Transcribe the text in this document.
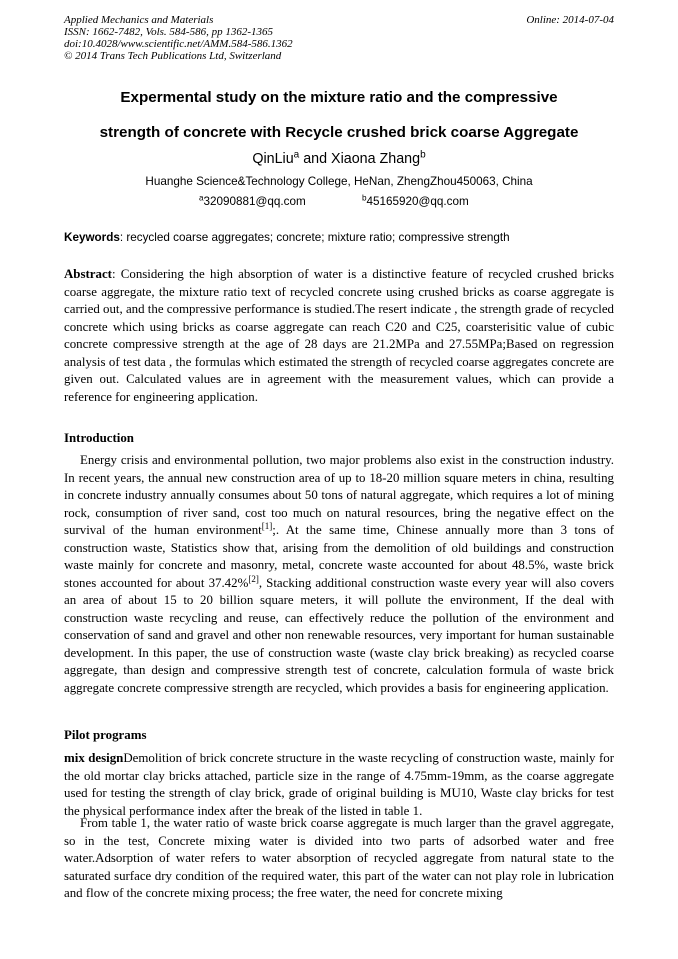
Applied Mechanics and Materials
ISSN: 1662-7482, Vols. 584-586, pp 1362-1365
doi:10.4028/www.scientific.net/AMM.584-586.1362
© 2014 Trans Tech Publications Ltd, Switzerland
Online: 2014-07-04
Expermental study on the mixture ratio and the compressive
strength of concrete with Recycle crushed brick coarse Aggregate
QinLiu$^a$ and Xiaona Zhang$^b$
Huanghe Science&Technology College, HeNan, ZhengZhou450063, China
$^a$32090881@qq.com	$^b$45165920@qq.com
Keywords: recycled coarse aggregates; concrete; mixture ratio; compressive strength
Abstract: Considering the high absorption of water is a distinctive feature of recycled crushed bricks coarse aggregate, the mixture ratio text of recycled concrete using crushed bricks as coarse aggregate is carried out, and the compressive performance is studied.The resert indicate , the strength grade of recycled concrete which using bricks as coarse aggregate can reach C20 and C25, coarsterisitic value of cubic concrete compressive strength at the age of 28 days are 21.2MPa and 27.55MPa;Based on regression analysis of test data , the formulas which estimated the strength of recycled coarse aggregates concrete are given out. Calculated values are in agreement with the measurement values, which can provide a reference for engineering application.
Introduction
Energy crisis and environmental pollution, two major problems also exist in the construction industry. In recent years, the annual new construction area of up to 18-20 million square meters in china, resulting in concrete industry annually consumes about 50 tons of natural aggregate, which requires a lot of mining rock, consumption of river sand, cost too much on natural resources, bring the negative effect on the survival of the human environment[1];. At the same time, Chinese annually more than 3 tons of construction waste, Statistics show that, arising from the demolition of old buildings and construction waste mainly for concrete and masonry, metal, concrete waste accounted for about 48.5%, waste brick stones accounted for about 37.42%[2], Stacking additional construction waste every year will also covers an area of about 15 to 20 billion square meters, it will pollute the environment, If the deal with construction waste recycling and reuse, can effectively reduce the pollution of the environment and conservation of sand and gravel and other non renewable resources, very important for human sustainable development. In this paper, the use of construction waste (waste clay brick breaking) as recycled coarse aggregate, than design and compressive strength test of concrete, calculation formula of waste brick aggregate concrete compressive strength are recycled, which provides a basis for engineering application.
Pilot programs
mix designDemolition of brick concrete structure in the waste recycling of construction waste, mainly for the old mortar clay bricks attached, particle size in the range of 4.75mm-19mm, as the coarse aggregate used for testing the strength of clay brick, grade of original building is MU10, Waste clay bricks for test the physical performance index after the break of the listed in table 1.
From table 1, the water ratio of waste brick coarse aggregate is much larger than the gravel aggregate, so in the test, Concrete mixing water is divided into two parts of adsorbed water and free water.Adsorption of water refers to water absorption of recycled aggregate from natural state to the saturated surface dry condition of the required water, this part of the water can not play role in lubrication and flow of the concrete mixing process; the free water, the need for concrete mixing
